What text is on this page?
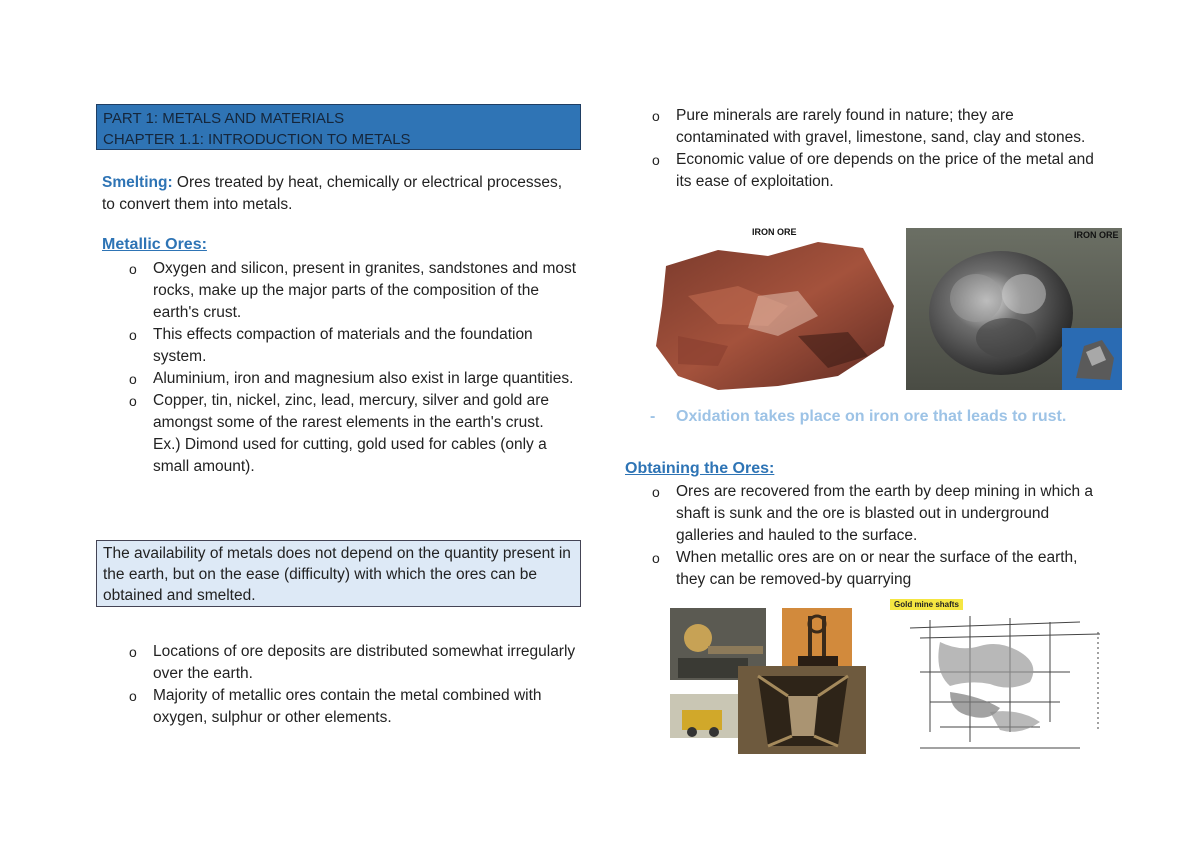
PART 1: METALS AND MATERIALS
CHAPTER 1.1: INTRODUCTION TO METALS
Smelting: Ores treated by heat, chemically or electrical processes, to convert them into metals.
Metallic Ores:
o Oxygen and silicon, present in granites, sandstones and most rocks, make up the major parts of the composition of the earth's crust.
o This effects compaction of materials and the foundation system.
o Aluminium, iron and magnesium also exist in large quantities.
o Copper, tin, nickel, zinc, lead, mercury, silver and gold are amongst some of the rarest elements in the earth's crust.
Ex.) Dimond used for cutting, gold used for cables (only a small amount).
The availability of metals does not depend on the quantity present in the earth, but on the ease (difficulty) with which the ores can be obtained and smelted.
o Locations of ore deposits are distributed somewhat irregularly over the earth.
o Majority of metallic ores contain the metal combined with oxygen, sulphur or other elements.
o Pure minerals are rarely found in nature; they are contaminated with gravel, limestone, sand, clay and stones.
o Economic value of ore depends on the price of the metal and its ease of exploitation.
IRON ORE	IRON ORE
-	Oxidation takes place on iron ore that leads to rust.
Obtaining the Ores:
o Ores are recovered from the earth by deep mining in which a shaft is sunk and the ore is blasted out in underground galleries and hauled to the surface.
o When metallic ores are on or near the surface of the earth, they can be removed-by quarrying
Gold mine shafts
